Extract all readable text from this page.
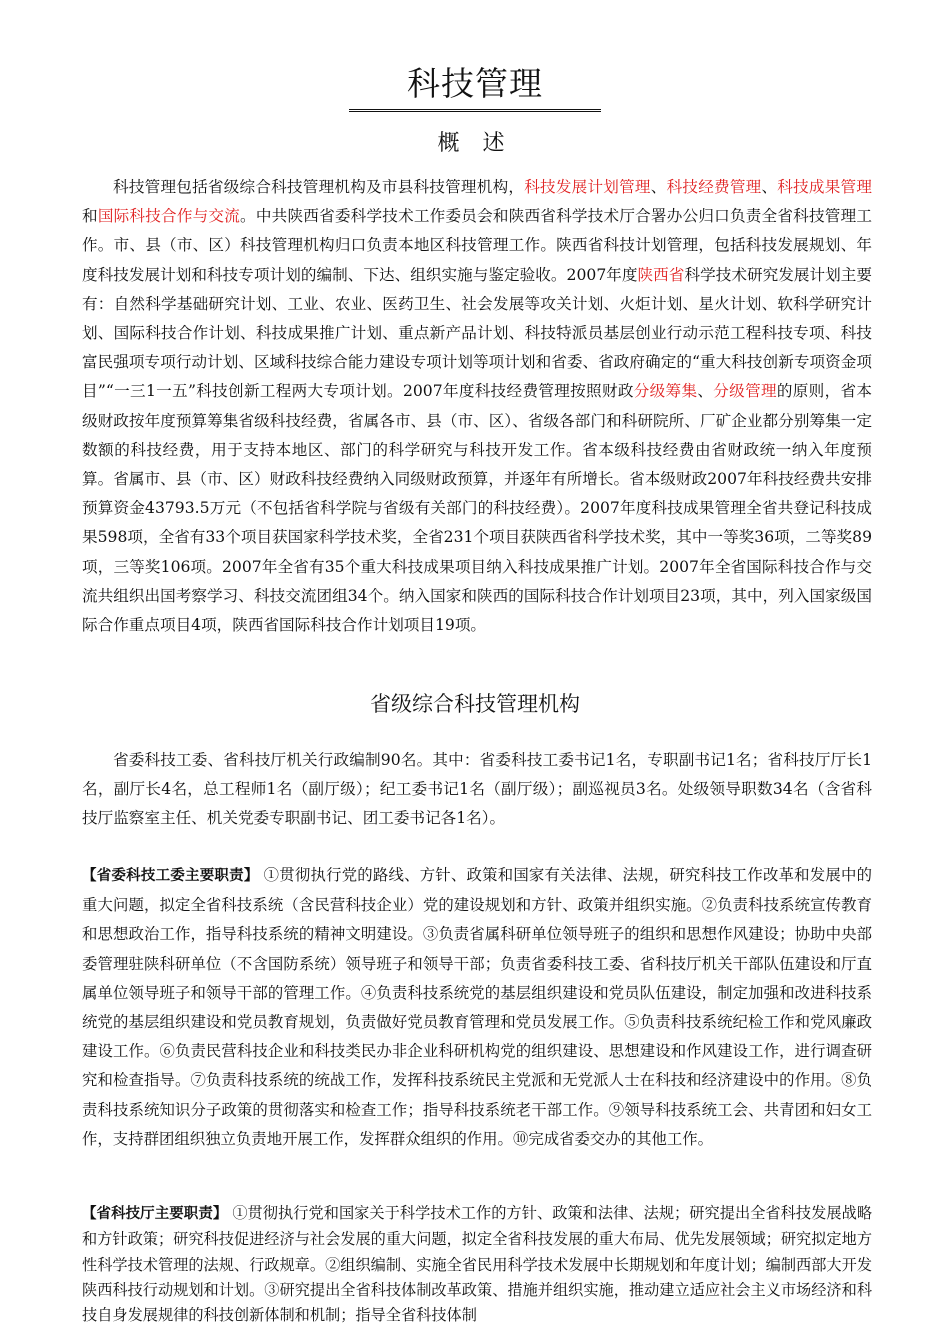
科技管理
概 述

科技管理包括省级综合科技管理机构及市县科技管理机构，科技发展计划管理、科技经费管理、科技成果管理和国际科技合作与交流。中共陕西省委科学技术工作委员会和陕西省科学技术厅合署办公归口负责全省科技管理工作。市、县（市、区）科技管理机构归口负责本地区科技管理工作。陕西省科技计划管理，包括科技发展规划、年度科技发展计划和科技专项计划的编制、下达、组织实施与鉴定验收。2007年度陕西省科学技术研究发展计划主要有：自然科学基础研究计划、工业、农业、医药卫生、社会发展等攻关计划、火炬计划、星火计划、软科学研究计划、国际科技合作计划、科技成果推广计划、重点新产品计划、科技特派员基层创业行动示范工程科技专项、科技富民强项专项行动计划、区域科技综合能力建设专项计划等项计划和省委、省政府确定的“重大科技创新专项资金项目”“一三1一五”科技创新工程两大专项计划。2007年度科技经费管理按照财政分级筹集、分级管理的原则，省本级财政按年度预算筹集省级科技经费，省属各市、县（市、区）、省级各部门和科研院所、厂矿企业都分别筹集一定数额的科技经费，用于支持本地区、部门的科学研究与科技开发工作。省本级科技经费由省财政统一纳入年度预算。省属市、县（市、区）财政科技经费纳入同级财政预算，并逐年有所增长。省本级财政2007年科技经费共安排预算资金43793.5万元（不包括省科学院与省级有关部门的科技经费）。2007年度科技成果管理全省共登记科技成果598项，全省有33个项目获国家科学技术奖，全省231个项目获陕西省科学技术奖，其中一等奖36项，二等奖89项，三等奖106项。2007年全省有35个重大科技成果项目纳入科技成果推广计划。2007年全省国际科技合作与交流共组织出国考察学习、科技交流团组34个。纳入国家和陕西的国际科技合作计划项目23项，其中，列入国家级国际合作重点项目4项，陕西省国际科技合作计划项目19项。

省级综合科技管理机构

省委科技工委、省科技厅机关行政编制90名。其中：省委科技工委书记1名，专职副书记1名；省科技厅厅长1名，副厅长4名，总工程师1名（副厅级）；纪工委书记1名（副厅级）；副巡视员3名。处级领导职数34名（含省科技厅监察室主任、机关党委专职副书记、团工委书记各1名）。

【省委科技工委主要职责】 ①贯彻执行党的路线、方针、政策和国家有关法律、法规，研究科技工作改革和发展中的重大问题，拟定全省科技系统（含民营科技企业）党的建设规划和方针、政策并组织实施。②负责科技系统宣传教育和思想政治工作，指导科技系统的精神文明建设。③负责省属科研单位领导班子的组织和思想作风建设；协助中央部委管理驻陕科研单位（不含国防系统）领导班子和领导干部；负责省委科技工委、省科技厅机关干部队伍建设和厅直属单位领导班子和领导干部的管理工作。④负责科技系统党的基层组织建设和党员队伍建设，制定加强和改进科技系统党的基层组织建设和党员教育规划，负责做好党员教育管理和党员发展工作。⑤负责科技系统纪检工作和党风廉政建设工作。⑥负责民营科技企业和科技类民办非企业科研机构党的组织建设、思想建设和作风建设工作，进行调查研究和检查指导。⑦负责科技系统的统战工作，发挥科技系统民主党派和无党派人士在科技和经济建设中的作用。⑧负责科技系统知识分子政策的贯彻落实和检查工作；指导科技系统老干部工作。⑨领导科技系统工会、共青团和妇女工作，支持群团组织独立负责地开展工作，发挥群众组织的作用。⑩完成省委交办的其他工作。

【省科技厅主要职责】 ①贯彻执行党和国家关于科学技术工作的方针、政策和法律、法规；研究提出全省科技发展战略和方针政策；研究科技促进经济与社会发展的重大问题，拟定全省科技发展的重大布局、优先发展领域；研究拟定地方性科学技术管理的法规、行政规章。②组织编制、实施全省民用科学技术发展中长期规划和年度计划；编制西部大开发陕西科技行动规划和计划。③研究提出全省科技体制改革政策、措施并组织实施，推动建立适应社会主义市场经济和科技自身发展规律的科技创新体制和机制；指导全省科技体制
